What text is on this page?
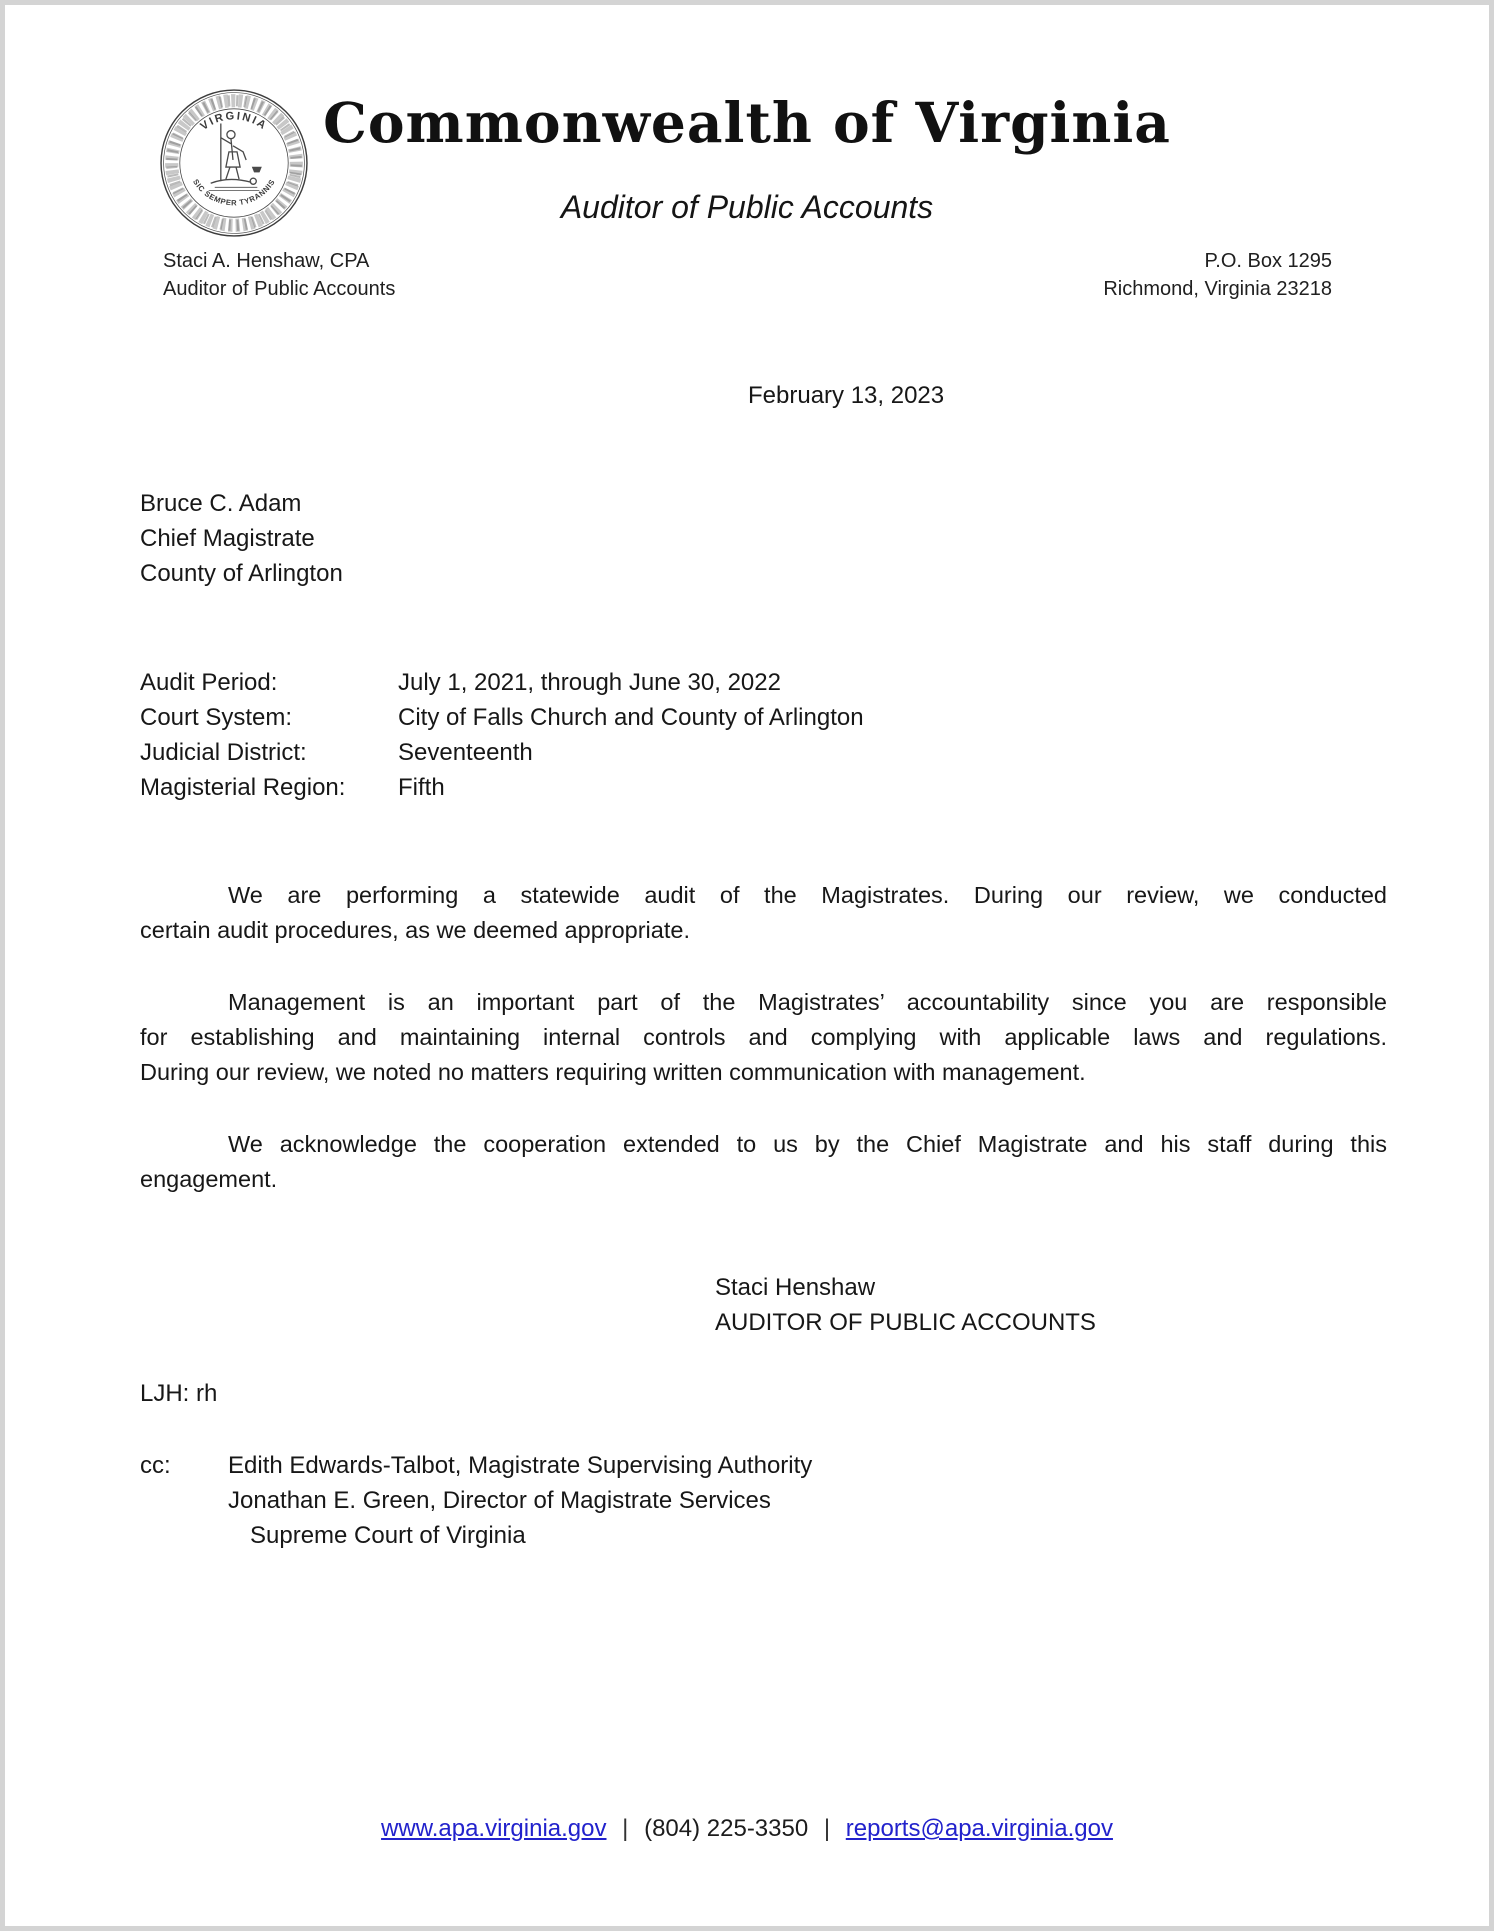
VIRGINIA
SIC SEMPER TYRANNIS
Commonwealth of Virginia
Auditor of Public Accounts
Staci A. Henshaw, CPA
Auditor of Public Accounts
P.O. Box 1295
Richmond, Virginia 23218
February 13, 2023
Bruce C. Adam
Chief Magistrate
County of Arlington
Audit Period:	July 1, 2021, through June 30, 2022
Court System:	City of Falls Church and County of Arlington
Judicial District:	Seventeenth
Magisterial Region:	Fifth
We are performing a statewide audit of the Magistrates. During our review, we conducted
certain audit procedures, as we deemed appropriate.
Management is an important part of the Magistrates’ accountability since you are responsible
for establishing and maintaining internal controls and complying with applicable laws and regulations.
During our review, we noted no matters requiring written communication with management.
We acknowledge the cooperation extended to us by the Chief Magistrate and his staff during this
engagement.
Staci Henshaw
AUDITOR OF PUBLIC ACCOUNTS
LJH: rh
cc:	Edith Edwards-Talbot, Magistrate Supervising Authority
Jonathan E. Green, Director of Magistrate Services
Supreme Court of Virginia
www.apa.virginia.gov | (804) 225-3350 | reports@apa.virginia.gov
